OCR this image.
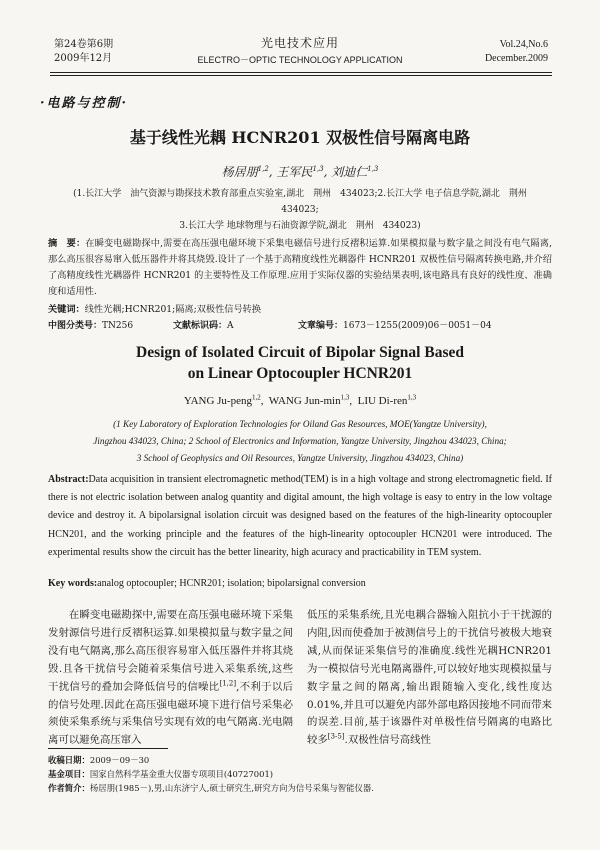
第24卷第6期
2009年12月
光电技术应用
ELECTRO－OPTIC TECHNOLOGY APPLICATION
Vol.24,No.6
December.2009
·电路与控制·
基于线性光耦 HCNR201 双极性信号隔离电路
杨居朋$^{1,2}$, 王军民$^{1,3}$, 刘迪仁$^{1,3}$
(1.长江大学　油气资源与勘探技术教育部重点实验室,湖北　荆州　434023;2.长江大学 电子信息学院,湖北　荆州　434023;
3.长江大学 地球物理与石油资源学院,湖北　荆州　434023)
摘　要：在瞬变电磁勘探中,需要在高压强电磁环境下采集电磁信号进行反褶积运算.如果模拟量与数字量之间没有电气隔离,那么高压很容易窜入低压器件并将其烧毁.设计了一个基于高精度线性光耦器件 HCNR201 双极性信号隔离转换电路,并介绍了高精度线性光耦器件 HCNR201 的主要特性及工作原理.应用于实际仪器的实验结果表明,该电路具有良好的线性度、准确度和适用性.
关键词：线性光耦;HCNR201;隔离;双极性信号转换
中图分类号：TN256	文献标识码：A	文章编号：1673－1255(2009)06－0051－04
Design of Isolated Circuit of Bipolar Signal Based
on Linear Optocoupler HCNR201
YANG Ju-peng$^{1,2}$,  WANG Jun-$\min^{1,3}$,  LIU Di-ren$^{1,3}$
(1 Key Laboratory of Exploration Technologies for Oiland Gas Resources, MOE(Yangtze University),
Jingzhou 434023, China; 2 School of Electronics and Information, Yangtze University, Jingzhou 434023, China;
3 School of Geophysics and Oil Resources, Yangtze University, Jingzhou 434023, China)
Abstract:Data acquisition in transient electromagnetic method(TEM) is in a high voltage and strong electromagnetic field. If there is not electric isolation between analog quantity and digital amount, the high voltage is easy to entry in the low voltage device and destroy it. A bipolarsignal isolation circuit was designed based on the features of the high-linearity optocoupler HCN201, and the working principle and the features of the high-linearity optocoupler HCN201 were introduced. The experimental results show the circuit has the better linearity, high acuracy and practicability in TEM system.
Key words:analog optocoupler; HCNR201; isolation; bipolarsignal conversion
在瞬变电磁勘探中,需要在高压强电磁环境下采集发射源信号进行反褶积运算.如果模拟量与数字量之间没有电气隔离,那么高压很容易窜入低压器件并将其烧毁.且各干扰信号会随着采集信号进入采集系统,这些干扰信号的叠加会降低信号的信噪比[1,2],不利于以后的信号处理.因此在高压强电磁环境下进行信号采集必须使采集系统与采集信号实现有效的电气隔离.光电隔离可以避免高压窜入
低压的采集系统,且光电耦合器输入阻抗小于干扰源的内阻,因而使叠加于被测信号上的干扰信号被极大地衰减,从而保证采集信号的准确度.线性光耦HCNR201为一模拟信号光电隔离器件,可以较好地实现模拟量与数字量之间的隔离,输出跟随输入变化,线性度达0.01%,并且可以避免内部外部电路因接地不同而带来的误差.目前,基于该器件对单极性信号隔离的电路比较多[3-5].双极性信号高线性
收稿日期：2009－09－30
基金项目：国家自然科学基金重大仪器专项项目(40727001)
作者简介：杨居朋(1985－),男,山东济宁人,硕士研究生,研究方向为信号采集与智能仪器.
